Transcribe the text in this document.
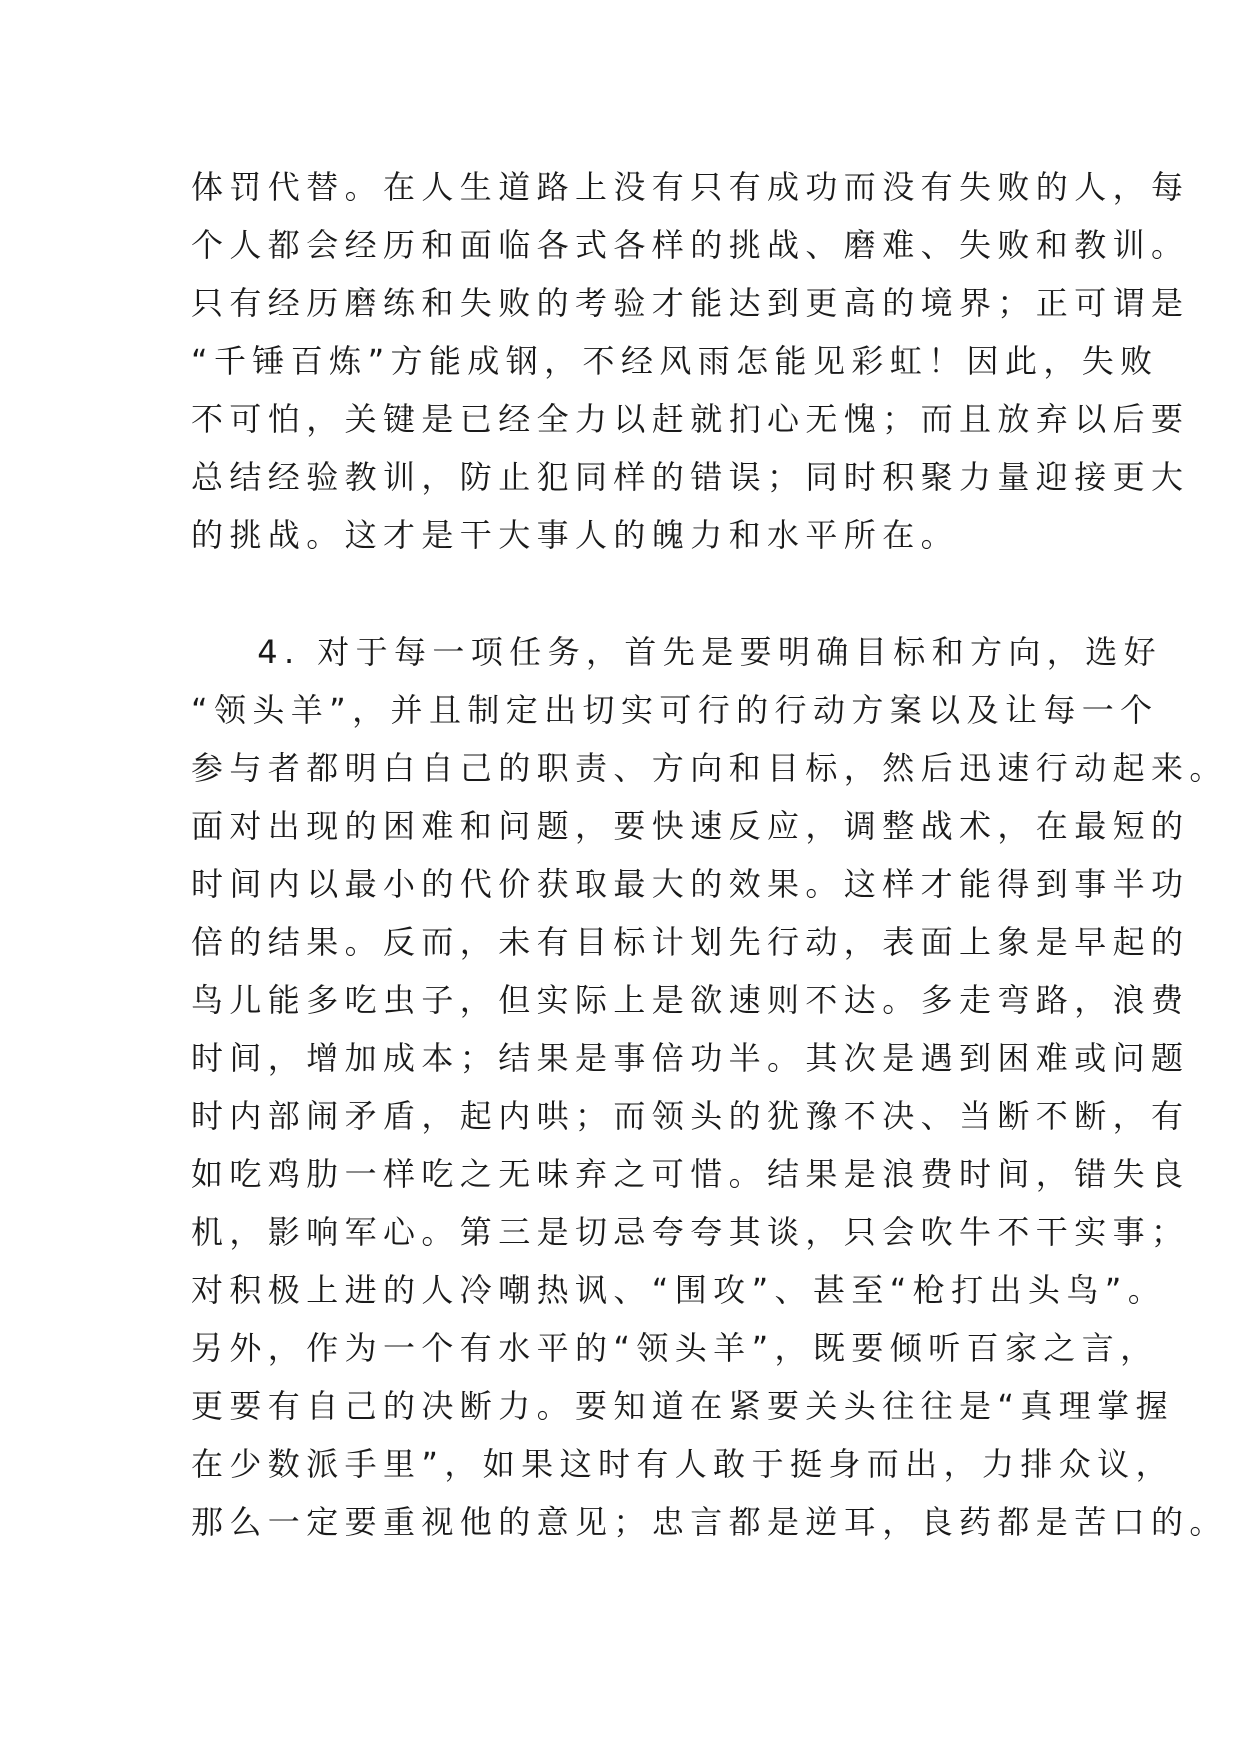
体罚代替。在人生道路上没有只有成功而没有失败的人，每
个人都会经历和面临各式各样的挑战、磨难、失败和教训。
只有经历磨练和失败的考验才能达到更高的境界；正可谓是
“千锤百炼”方能成钢，不经风雨怎能见彩虹！因此，失败
不可怕，关键是已经全力以赶就扪心无愧；而且放弃以后要
总结经验教训，防止犯同样的错误；同时积聚力量迎接更大
的挑战。这才是干大事人的魄力和水平所在。
4. 对于每一项任务，首先是要明确目标和方向，选好
“领头羊”，并且制定出切实可行的行动方案以及让每一个
参与者都明白自己的职责、方向和目标，然后迅速行动起来。
面对出现的困难和问题，要快速反应，调整战术，在最短的
时间内以最小的代价获取最大的效果。这样才能得到事半功
倍的结果。反而，未有目标计划先行动，表面上象是早起的
鸟儿能多吃虫子，但实际上是欲速则不达。多走弯路，浪费
时间，增加成本；结果是事倍功半。其次是遇到困难或问题
时内部闹矛盾，起内哄；而领头的犹豫不决、当断不断，有
如吃鸡肋一样吃之无味弃之可惜。结果是浪费时间，错失良
机，影响军心。第三是切忌夸夸其谈，只会吹牛不干实事；
对积极上进的人冷嘲热讽、“围攻”、甚至“枪打出头鸟”。
另外，作为一个有水平的“领头羊”，既要倾听百家之言，
更要有自己的决断力。要知道在紧要关头往往是“真理掌握
在少数派手里”，如果这时有人敢于挺身而出，力排众议，
那么一定要重视他的意见；忠言都是逆耳，良药都是苦口的。
